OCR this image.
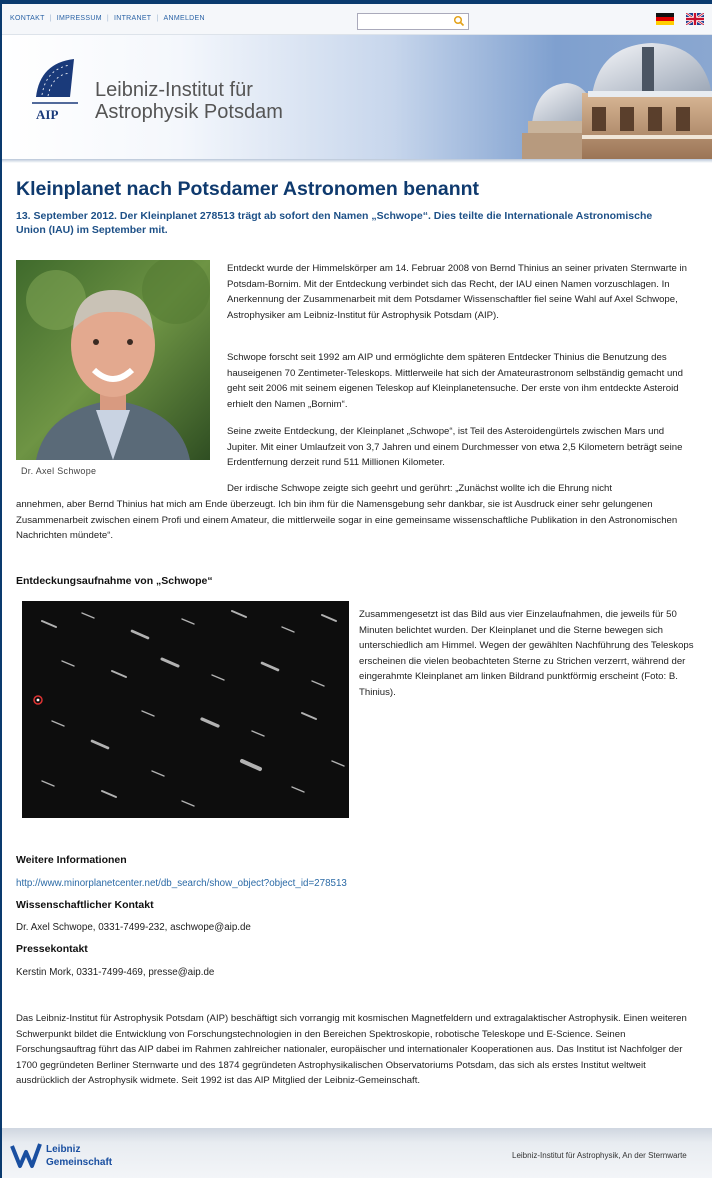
KONTAKT | IMPRESSUM | INTRANET | ANMELDEN
AIP
Leibniz-Institut für
Astrophysik Potsdam
Kleinplanet nach Potsdamer Astronomen benannt

13. September 2012. Der Kleinplanet 278513 trägt ab sofort den Namen „Schwope“. Dies teilte die Internationale Astronomische Union (IAU) im September mit.

Dr. Axel Schwope

Entdeckt wurde der Himmelskörper am 14. Februar 2008 von Bernd Thinius an seiner privaten Sternwarte in Potsdam-Bornim. Mit der Entdeckung verbindet sich das Recht, der IAU einen Namen vorzuschlagen. In Anerkennung der Zusammenarbeit mit dem Potsdamer Wissenschaftler fiel seine Wahl auf Axel Schwope, Astrophysiker am Leibniz-Institut für Astrophysik Potsdam (AIP).

Schwope forscht seit 1992 am AIP und ermöglichte dem späteren Entdecker Thinius die Benutzung des hauseigenen 70 Zentimeter-Teleskops. Mittlerweile hat sich der Amateurastronom selbständig gemacht und geht seit 2006 mit seinem eigenen Teleskop auf Kleinplanetensuche. Der erste von ihm entdeckte Asteroid erhielt den Namen „Bornim“.

Seine zweite Entdeckung, der Kleinplanet „Schwope“, ist Teil des Asteroidengürtels zwischen Mars und Jupiter. Mit einer Umlaufzeit von 3,7 Jahren und einem Durchmesser von etwa 2,5 Kilometern beträgt seine Erdentfernung derzeit rund 511 Millionen Kilometer.

Der irdische Schwope zeigte sich geehrt und gerührt: „Zunächst wollte ich die Ehrung nicht

annehmen, aber Bernd Thinius hat mich am Ende überzeugt. Ich bin ihm für die Namensgebung sehr dankbar, sie ist Ausdruck einer sehr gelungenen Zusammenarbeit zwischen einem Profi und einem Amateur, die mittlerweile sogar in eine gemeinsame wissenschaftliche Publikation in den Astronomischen Nachrichten mündete“.

Entdeckungsaufnahme von „Schwope“

Zusammengesetzt ist das Bild aus vier Einzelaufnahmen, die jeweils für 50 Minuten belichtet wurden. Der Kleinplanet und die Sterne bewegen sich unterschiedlich am Himmel. Wegen der gewählten Nachführung des Teleskops erscheinen die vielen beobachteten Sterne zu Strichen verzerrt, während der eingerahmte Kleinplanet am linken Bildrand punktförmig erscheint (Foto: B. Thinius).

Weitere Informationen

http://www.minorplanetcenter.net/db_search/show_object?object_id=278513

Wissenschaftlicher Kontakt

Dr. Axel Schwope, 0331-7499-232, aschwope@aip.de

Pressekontakt

Kerstin Mork, 0331-7499-469, presse@aip.de

Das Leibniz-Institut für Astrophysik Potsdam (AIP) beschäftigt sich vorrangig mit kosmischen Magnetfeldern und extragalaktischer Astrophysik. Einen weiteren Schwerpunkt bildet die Entwicklung von Forschungstechnologien in den Bereichen Spektroskopie, robotische Teleskope und E-Science. Seinen Forschungsauftrag führt das AIP dabei im Rahmen zahlreicher nationaler, europäischer und internationaler Kooperationen aus. Das Institut ist Nachfolger der 1700 gegründeten Berliner Sternwarte und des 1874 gegründeten Astrophysikalischen Observatoriums Potsdam, das sich als erstes Institut weltweit ausdrücklich der Astrophysik widmete. Seit 1992 ist das AIP Mitglied der Leibniz-Gemeinschaft.

Leibniz
Gemeinschaft
Leibniz-Institut für Astrophysik, An der Sternwarte
